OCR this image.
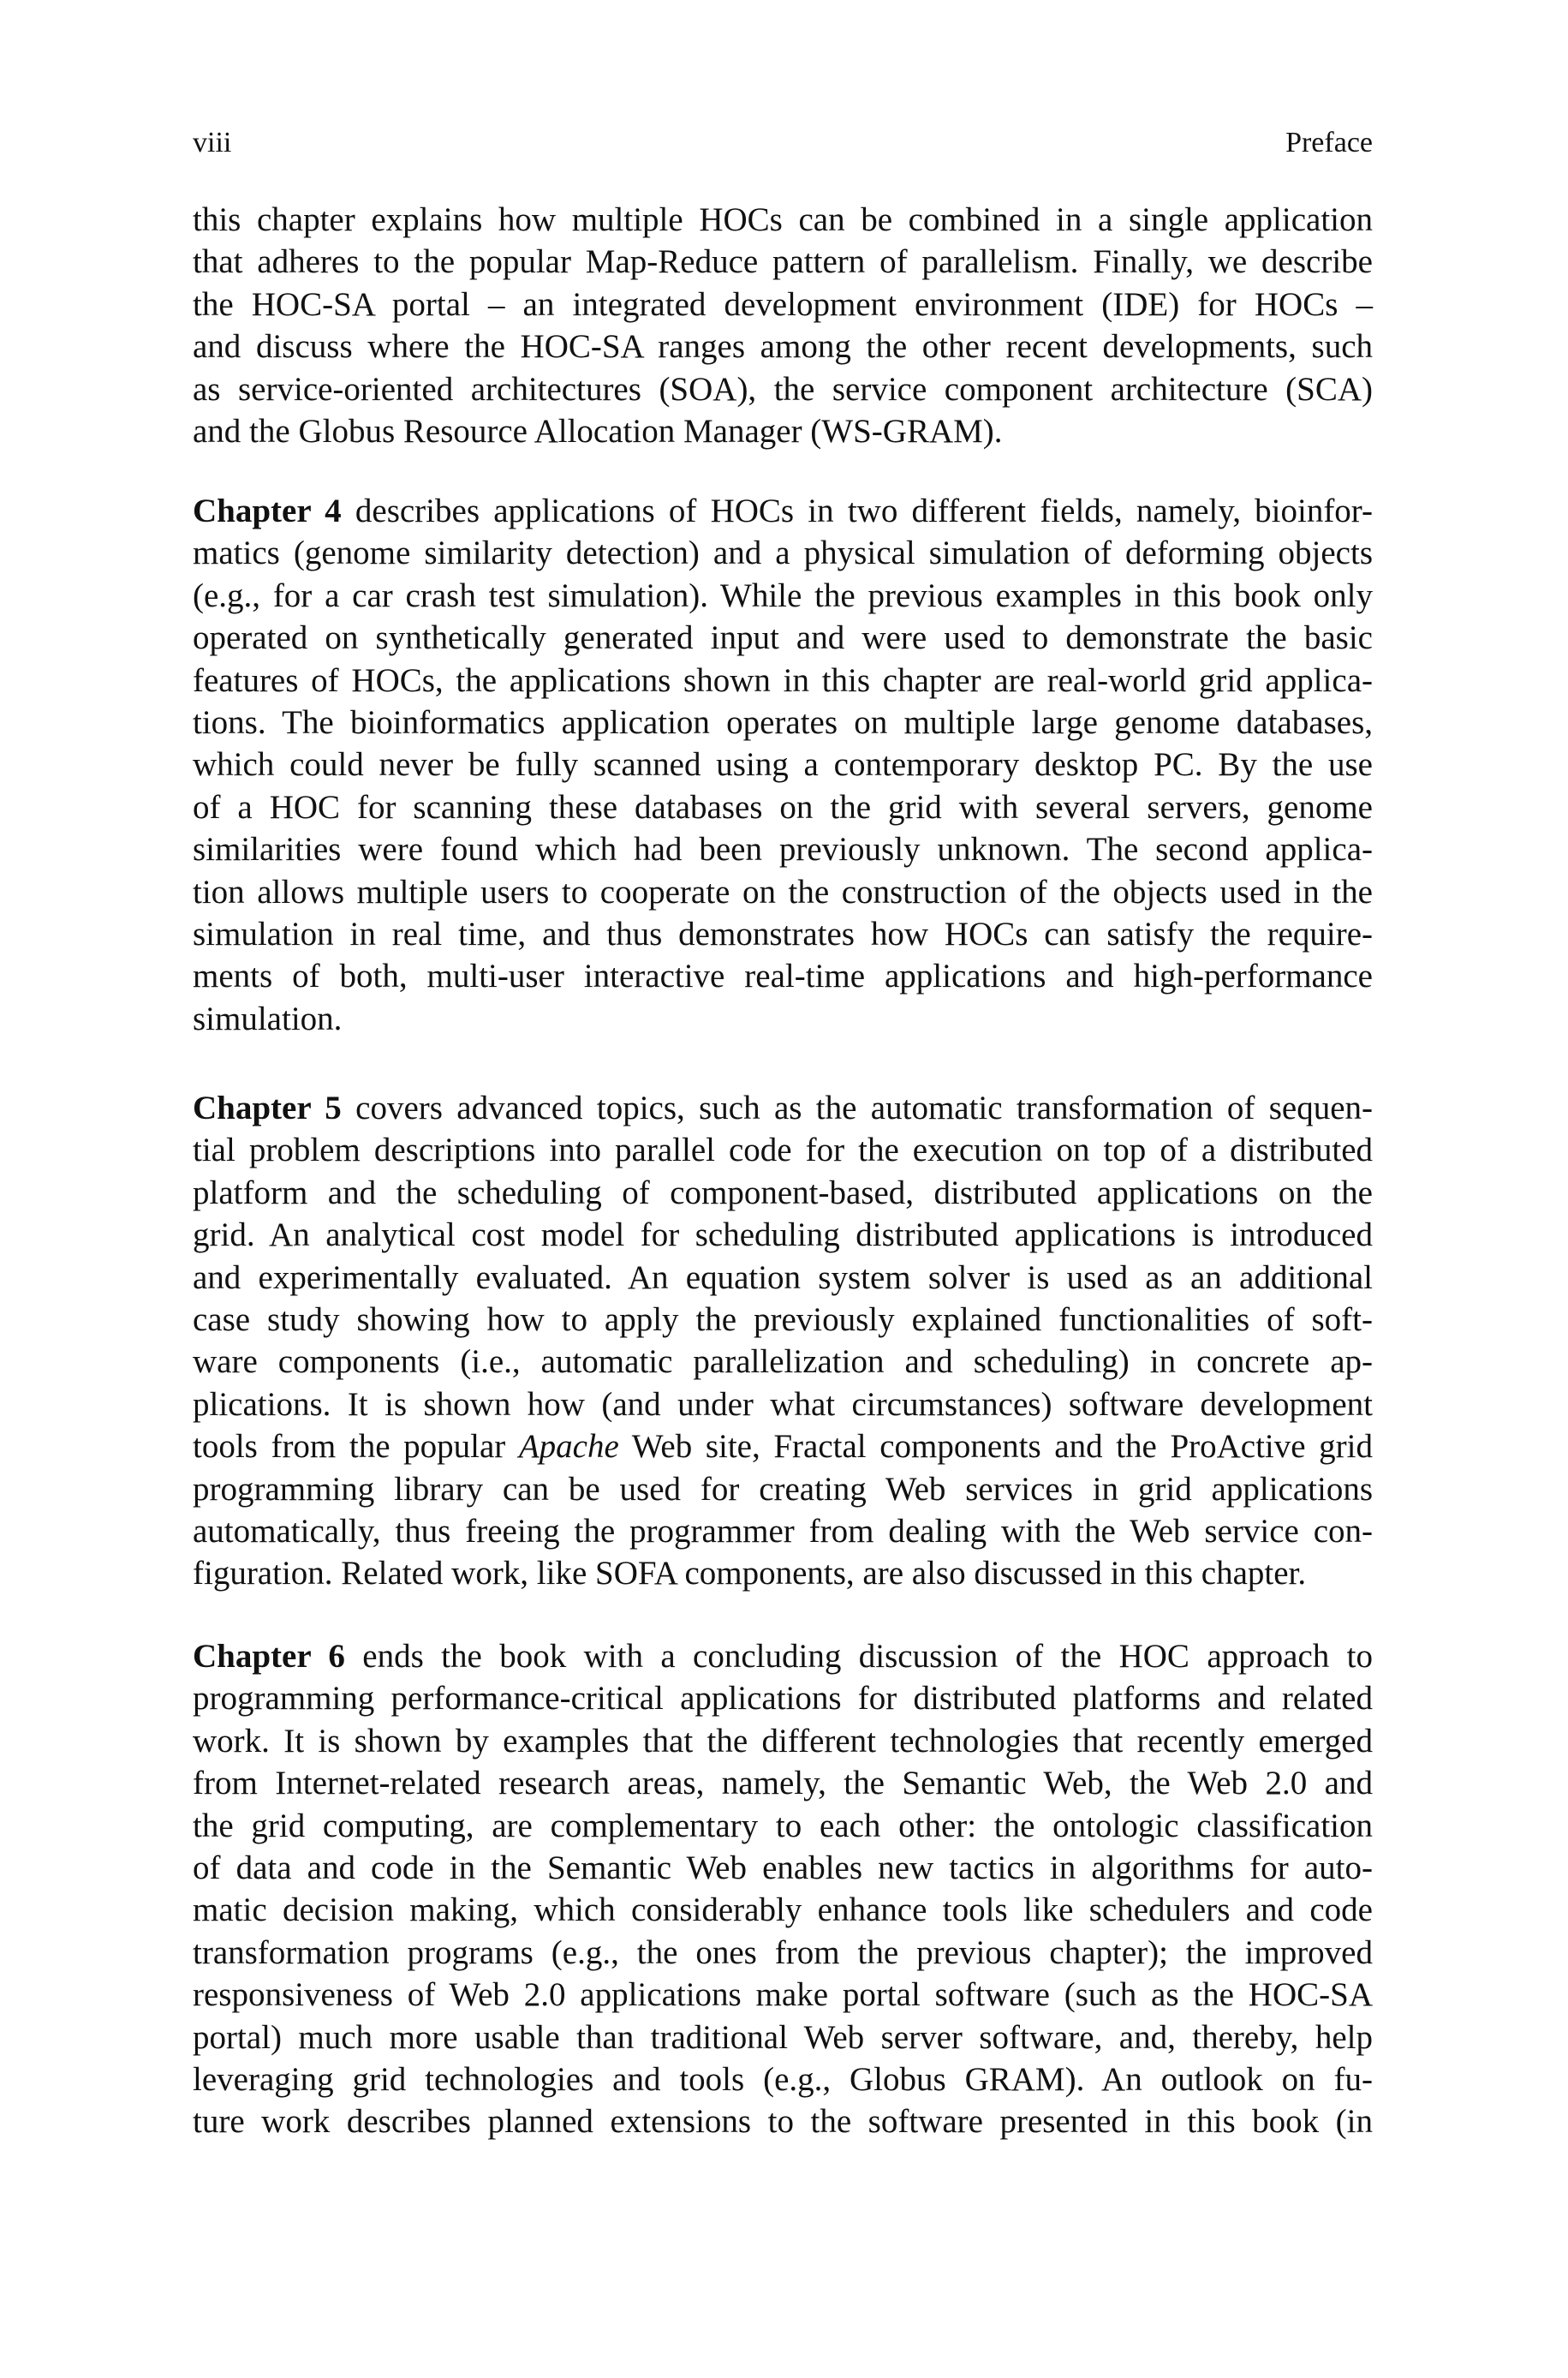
viii	Preface
this chapter explains how multiple HOCs can be combined in a single application
that adheres to the popular Map-Reduce pattern of parallelism. Finally, we describe
the HOC-SA portal – an integrated development environment (IDE) for HOCs –
and discuss where the HOC-SA ranges among the other recent developments, such
as service-oriented architectures (SOA), the service component architecture (SCA)
and the Globus Resource Allocation Manager (WS-GRAM).
Chapter 4 describes applications of HOCs in two different fields, namely, bioinfor-
matics (genome similarity detection) and a physical simulation of deforming objects
(e.g., for a car crash test simulation). While the previous examples in this book only
operated on synthetically generated input and were used to demonstrate the basic
features of HOCs, the applications shown in this chapter are real-world grid applica-
tions. The bioinformatics application operates on multiple large genome databases,
which could never be fully scanned using a contemporary desktop PC. By the use
of a HOC for scanning these databases on the grid with several servers, genome
similarities were found which had been previously unknown. The second applica-
tion allows multiple users to cooperate on the construction of the objects used in the
simulation in real time, and thus demonstrates how HOCs can satisfy the require-
ments of both, multi-user interactive real-time applications and high-performance
simulation.
Chapter 5 covers advanced topics, such as the automatic transformation of sequen-
tial problem descriptions into parallel code for the execution on top of a distributed
platform and the scheduling of component-based, distributed applications on the
grid. An analytical cost model for scheduling distributed applications is introduced
and experimentally evaluated. An equation system solver is used as an additional
case study showing how to apply the previously explained functionalities of soft-
ware components (i.e., automatic parallelization and scheduling) in concrete ap-
plications. It is shown how (and under what circumstances) software development
tools from the popular Apache Web site, Fractal components and the ProActive grid
programming library can be used for creating Web services in grid applications
automatically, thus freeing the programmer from dealing with the Web service con-
figuration. Related work, like SOFA components, are also discussed in this chapter.
Chapter 6 ends the book with a concluding discussion of the HOC approach to
programming performance-critical applications for distributed platforms and related
work. It is shown by examples that the different technologies that recently emerged
from Internet-related research areas, namely, the Semantic Web, the Web 2.0 and
the grid computing, are complementary to each other: the ontologic classification
of data and code in the Semantic Web enables new tactics in algorithms for auto-
matic decision making, which considerably enhance tools like schedulers and code
transformation programs (e.g., the ones from the previous chapter); the improved
responsiveness of Web 2.0 applications make portal software (such as the HOC-SA
portal) much more usable than traditional Web server software, and, thereby, help
leveraging grid technologies and tools (e.g., Globus GRAM). An outlook on fu-
ture work describes planned extensions to the software presented in this book (in
